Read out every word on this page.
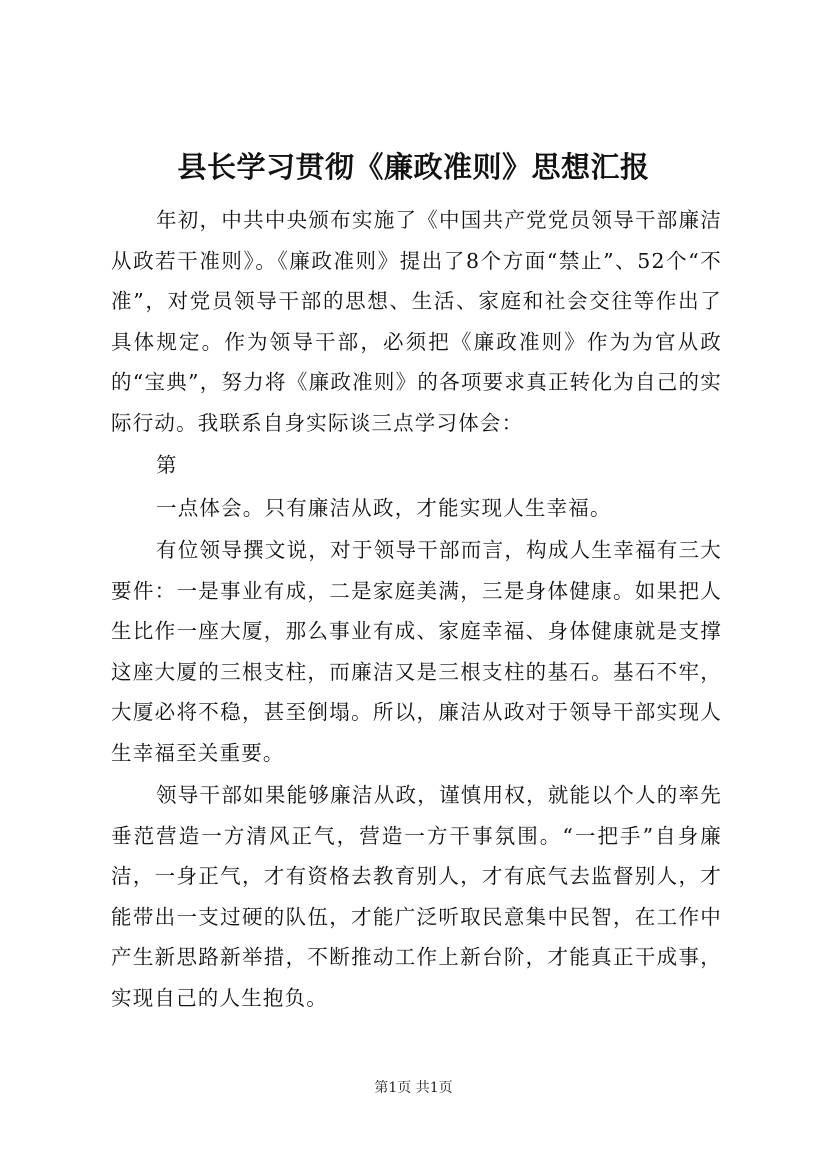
县长学习贯彻《廉政准则》思想汇报

年初，中共中央颁布实施了《中国共产党党员领导干部廉洁从政若干准则》。《廉政准则》提出了8个方面“禁止”、52个“不准”，对党员领导干部的思想、生活、家庭和社会交往等作出了具体规定。作为领导干部，必须把《廉政准则》作为为官从政的“宝典”，努力将《廉政准则》的各项要求真正转化为自己的实际行动。我联系自身实际谈三点学习体会：

第

一点体会。只有廉洁从政，才能实现人生幸福。

有位领导撰文说，对于领导干部而言，构成人生幸福有三大要件：一是事业有成，二是家庭美满，三是身体健康。如果把人生比作一座大厦，那么事业有成、家庭幸福、身体健康就是支撑这座大厦的三根支柱，而廉洁又是三根支柱的基石。基石不牢，大厦必将不稳，甚至倒塌。所以，廉洁从政对于领导干部实现人生幸福至关重要。

领导干部如果能够廉洁从政，谨慎用权，就能以个人的率先垂范营造一方清风正气，营造一方干事氛围。“一把手”自身廉洁，一身正气，才有资格去教育别人，才有底气去监督别人，才能带出一支过硬的队伍，才能广泛听取民意集中民智，在工作中产生新思路新举措，不断推动工作上新台阶，才能真正干成事，实现自己的人生抱负。

第1页 共1页
